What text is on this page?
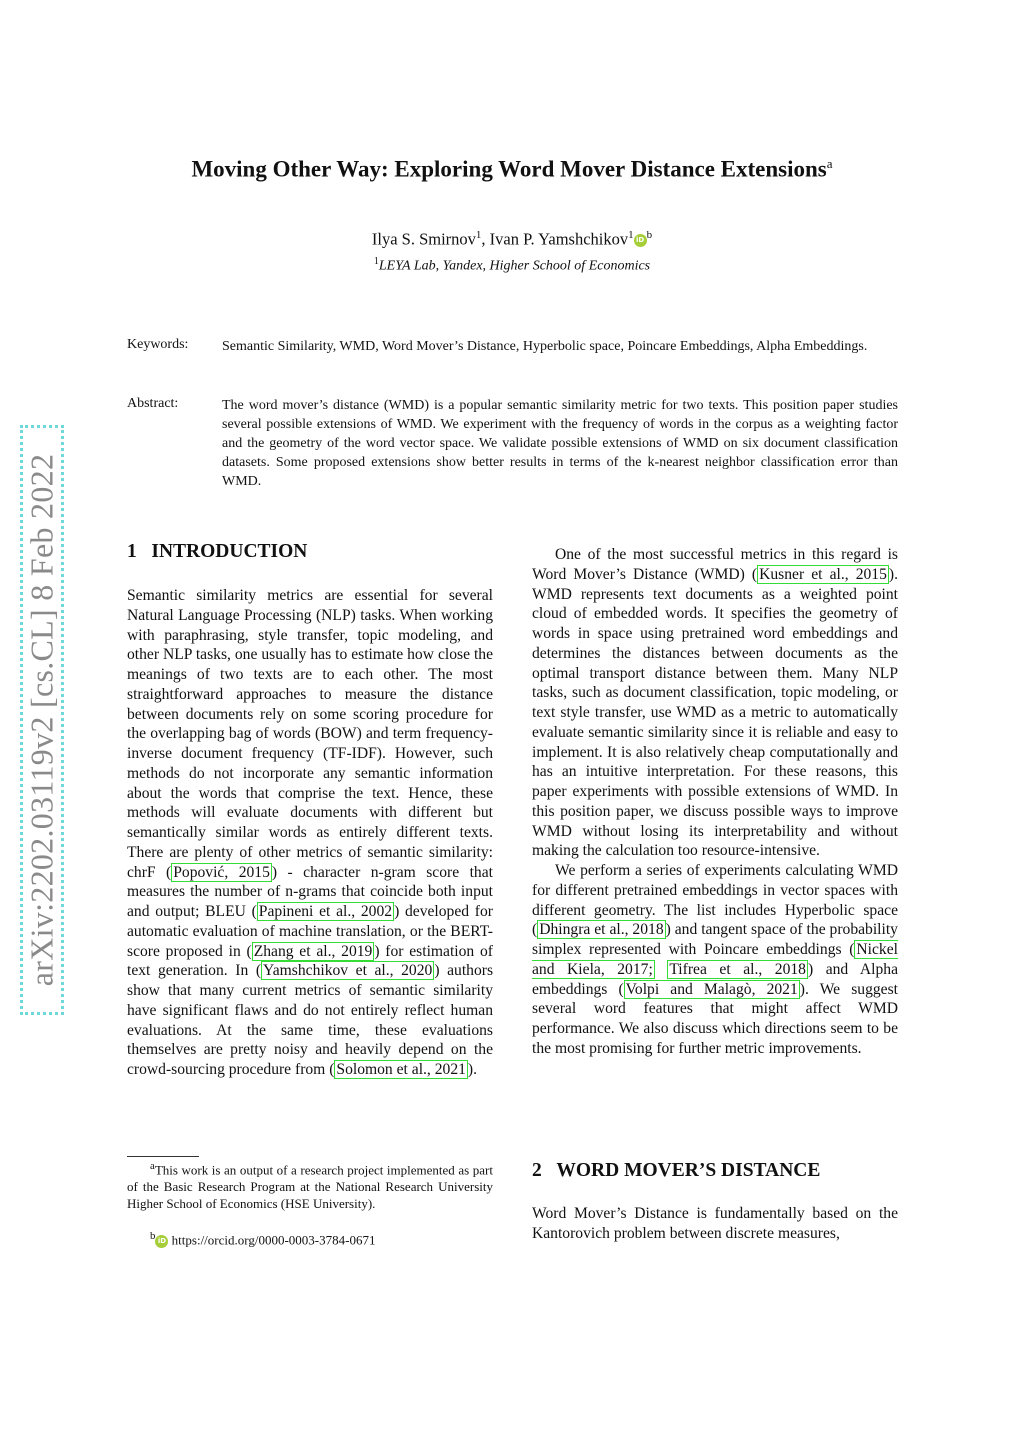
Moving Other Way: Exploring Word Mover Distance Extensions$^a$
Ilya S. Smirnov$^1$, Ivan P. Yamshchikov$^1$ iD $^b$
$^1$LEYA Lab, Yandex, Higher School of Economics
Keywords: Semantic Similarity, WMD, Word Mover’s Distance, Hyperbolic space, Poincare Embeddings, Alpha Embeddings.
Abstract:	The word mover’s distance (WMD) is a popular semantic similarity metric for two texts. This position paper studies several possible extensions of WMD. We experiment with the frequency of words in the corpus as a weighting factor and the geometry of the word vector space. We validate possible extensions of WMD on six document classification datasets. Some proposed extensions show better results in terms of the k-nearest neighbor classification error than WMD.
arXiv:2202.03119v2 [cs.CL] 8 Feb 2022	1 INTRODUCTION

Semantic similarity metrics are essential for several Natural Language Processing (NLP) tasks. When working with paraphrasing, style transfer, topic modeling, and other NLP tasks, one usually has to estimate how close the meanings of two texts are to each other. The most straightforward approaches to measure the distance between documents rely on some scoring procedure for the overlapping bag of words (BOW) and term frequency-inverse document frequency (TF-IDF). However, such methods do not incorporate any semantic information about the words that comprise the text. Hence, these methods will evaluate documents with different but semantically similar words as entirely different texts. There are plenty of other metrics of semantic similarity: chrF ( Popović, 2015 ) - character n-gram score that measures the number of n-grams that coincide both input and output; BLEU ( Papineni et al., 2002 ) developed for automatic evaluation of machine translation, or the BERT-score proposed in ( Zhang et al., 2019 ) for estimation of text generation. In ( Yamshchikov et al., 2020 ) authors show that many current metrics of semantic similarity have significant flaws and do not entirely reflect human evaluations. At the same time, these evaluations themselves are pretty noisy and heavily depend on the crowd-sourcing procedure from ( Solomon et al., 2021 ).

$^a$This work is an output of a research project implemented as part of the Basic Research Program at the National Research University Higher School of Economics (HSE University).

$^b$ iD https://orcid.org/0000-0003-3784-0671

One of the most successful metrics in this regard is Word Mover’s Distance (WMD) ( Kusner et al., 2015 ). WMD represents text documents as a weighted point cloud of embedded words. It specifies the geometry of words in space using pretrained word embeddings and determines the distances between documents as the optimal transport distance between them. Many NLP tasks, such as document classification, topic modeling, or text style transfer, use WMD as a metric to automatically evaluate semantic similarity since it is reliable and easy to implement. It is also relatively cheap computationally and has an intuitive interpretation. For these reasons, this paper experiments with possible extensions of WMD. In this position paper, we discuss possible ways to improve WMD without losing its interpretability and without making the calculation too resource-intensive.

We perform a series of experiments calculating WMD for different pretrained embeddings in vector spaces with different geometry. The list includes Hyperbolic space ( Dhingra et al., 2018 ) and tangent space of the probability simplex represented with Poincare embeddings ( Nickel and Kiela, 2017; Tifrea et al., 2018 ) and Alpha embeddings ( Volpi and Malagò, 2021 ). We suggest several word features that might affect WMD performance. We also discuss which directions seem to be the most promising for further metric improvements.

2 WORD MOVER’S DISTANCE
Word Mover’s Distance is fundamentally based on the Kantorovich problem between discrete measures,
